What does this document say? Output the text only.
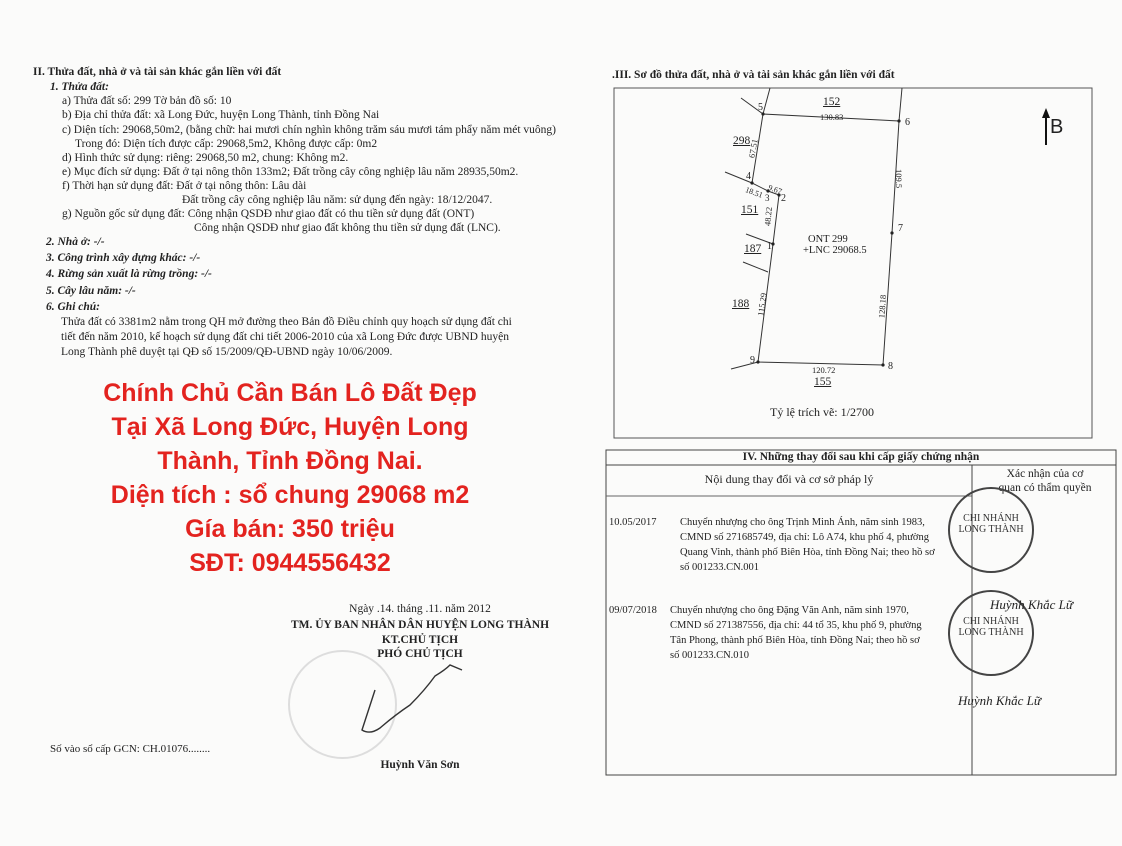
II. Thửa đất, nhà ở và tài sản khác gắn liền với đất
1. Thửa đất:
a) Thửa đất số: 299 Tờ bản đồ số: 10
b) Địa chỉ thửa đất: xã Long Đức, huyện Long Thành, tỉnh Đồng Nai
c) Diện tích: 29068,50m2, (bằng chữ: hai mươi chín nghìn không trăm sáu mươi tám phẩy năm mét vuông)
Trong đó: Diện tích được cấp: 29068,5m2, Không được cấp: 0m2
d) Hình thức sử dụng: riêng: 29068,50 m2, chung: Không m2.
e) Mục đích sử dụng: Đất ở tại nông thôn 133m2; Đất trồng cây công nghiệp lâu năm 28935,50m2.
f) Thời hạn sử dụng đất: Đất ở tại nông thôn: Lâu dài
Đất trồng cây công nghiệp lâu năm: sử dụng đến ngày: 18/12/2047.
g) Nguồn gốc sử dụng đất: Công nhận QSDĐ như giao đất có thu tiền sử dụng đất (ONT)
Công nhận QSDĐ như giao đất không thu tiền sử dụng đất (LNC).
2. Nhà ở: -/-
3. Công trình xây dựng khác: -/-
4. Rừng sản xuất là rừng trồng: -/-
5. Cây lâu năm: -/-
6. Ghi chú:
Thửa đất có 3381m2 nằm trong QH mở đường theo Bản đồ Điều chỉnh quy hoạch sử dụng đất chi
tiết đến năm 2010, kế hoạch sử dụng đất chi tiết 2006-2010 của xã Long Đức được UBND huyện
Long Thành phê duyệt tại QĐ số 15/2009/QĐ-UBND ngày 10/06/2009.
Chính Chủ Cần Bán Lô Đất Đẹp
Tại Xã Long Đức, Huyện Long
Thành, Tỉnh Đồng Nai.
Diện tích : sổ chung 29068 m2
Gía bán: 350 triệu
SĐT: 0944556432
Ngày .14. tháng .11. năm 2012
TM. ỦY BAN NHÂN DÂN HUYỆN LONG THÀNH
KT.CHỦ TỊCH
PHÓ CHỦ TỊCH
Huỳnh Văn Sơn
Số vào sổ cấp GCN: CH.01076........
.III. Sơ đồ thửa đất, nhà ở và tài sản khác gắn liền với đất
B
152
298
151
187
188
155
1
2
3
4
5
6
7
8
9
130.83
67.51
18.51 9.67
48.22
115.29
120.72
128.18
109.5
ONT 299
+LNC 29068.5
Tỷ lệ trích vẽ: 1/2700
IV. Những thay đổi sau khi cấp giấy chứng nhận
Nội dung thay đổi và cơ sở pháp lý	Xác nhận của cơ
quan có thẩm quyền
10.05/2017 Chuyển nhượng cho ông Trịnh Minh Ánh, năm sinh 1983,
CMND số 271685749, địa chỉ: Lô A74, khu phố 4, phường
Quang Vinh, thành phố Biên Hòa, tỉnh Đồng Nai; theo hồ sơ
số 001233.CN.001
09/07/2018 Chuyển nhượng cho ông Đặng Văn Anh, năm sinh 1970,
CMND số 271387556, địa chỉ: 44 tổ 35, khu phố 9, phường
Tân Phong, thành phố Biên Hòa, tỉnh Đồng Nai; theo hồ sơ
số 001233.CN.010
CHI NHÁNH
LONG THÀNH
CHI NHÁNH
LONG THÀNH
Huỳnh Khắc Lữ
Huỳnh Khắc Lữ
